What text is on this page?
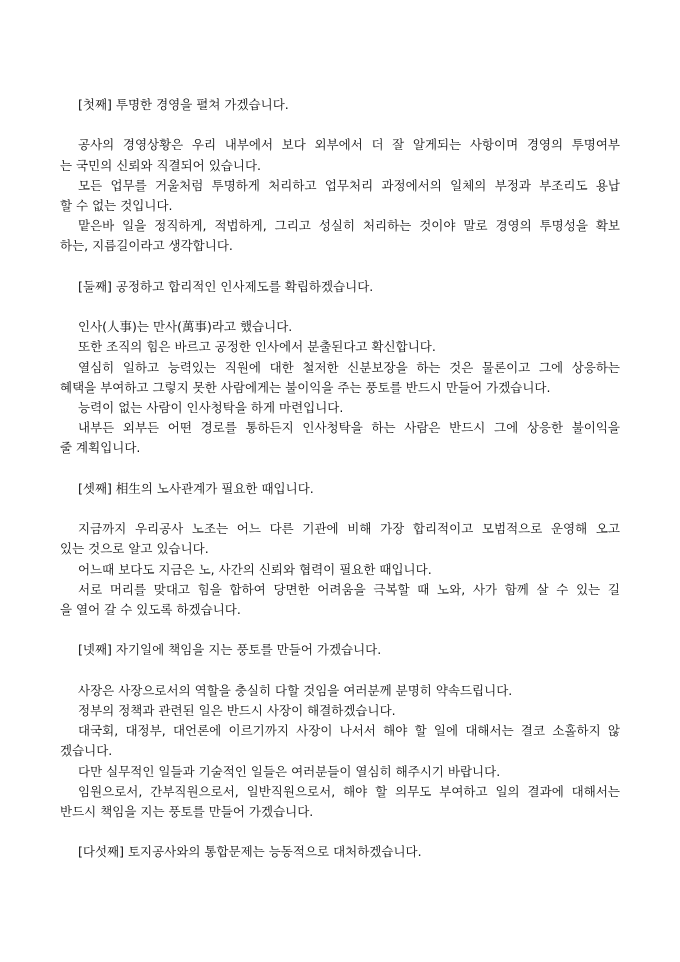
[첫째] 투명한 경영을 펼쳐 가겠습니다.
공사의 경영상황은 우리 내부에서 보다 외부에서 더 잘 알게되는 사항이며 경영의 투명여부
는 국민의 신뢰와 직결되어 있습니다.
모든 업무를 거울처럼 투명하게 처리하고 업무처리 과정에서의 일체의 부정과 부조리도 용납
할 수 없는 것입니다.
맡은바 일을 정직하게, 적법하게, 그리고 성실히 처리하는 것이야 말로 경영의 투명성을 확보
하는, 지름길이라고 생각합니다.
[둘째] 공정하고 합리적인 인사제도를 확립하겠습니다.
인사(人事)는 만사(萬事)라고 했습니다.
또한 조직의 힘은 바르고 공정한 인사에서 분출된다고 확신합니다.
열심히 일하고 능력있는 직원에 대한 철저한 신분보장을 하는 것은 물론이고 그에 상응하는
혜택을 부여하고 그렇지 못한 사람에게는 불이익을 주는 풍토를 반드시 만들어 가겠습니다.
능력이 없는 사람이 인사청탁을 하게 마련입니다.
내부든 외부든 어떤 경로를 통하든지 인사청탁을 하는 사람은 반드시 그에 상응한 불이익을
줄 계획입니다.
[셋째] 相生의 노사관계가 필요한 때입니다.
지금까지 우리공사 노조는 어느 다른 기관에 비해 가장 합리적이고 모범적으로 운영해 오고
있는 것으로 알고 있습니다.
어느때 보다도 지금은 노, 사간의 신뢰와 협력이 필요한 때입니다.
서로 머리를 맞대고 힘을 합하여 당면한 어려움을 극복할 때 노와, 사가 함께 살 수 있는 길
을 열어 갈 수 있도록 하겠습니다.
[넷째] 자기일에 책임을 지는 풍토를 만들어 가겠습니다.
사장은 사장으로서의 역할을 충실히 다할 것임을 여러분께 분명히 약속드립니다.
정부의 정책과 관련된 일은 반드시 사장이 해결하겠습니다.
대국회, 대정부, 대언론에 이르기까지 사장이 나서서 해야 할 일에 대해서는 결코 소홀하지 않
겠습니다.
다만 실무적인 일들과 기술적인 일들은 여러분들이 열심히 해주시기 바랍니다.
임원으로서, 간부직원으로서, 일반직원으로서, 해야 할 의무도 부여하고 일의 결과에 대해서는
반드시 책임을 지는 풍토를 만들어 가겠습니다.
[다섯째] 토지공사와의 통합문제는 능동적으로 대처하겠습니다.
